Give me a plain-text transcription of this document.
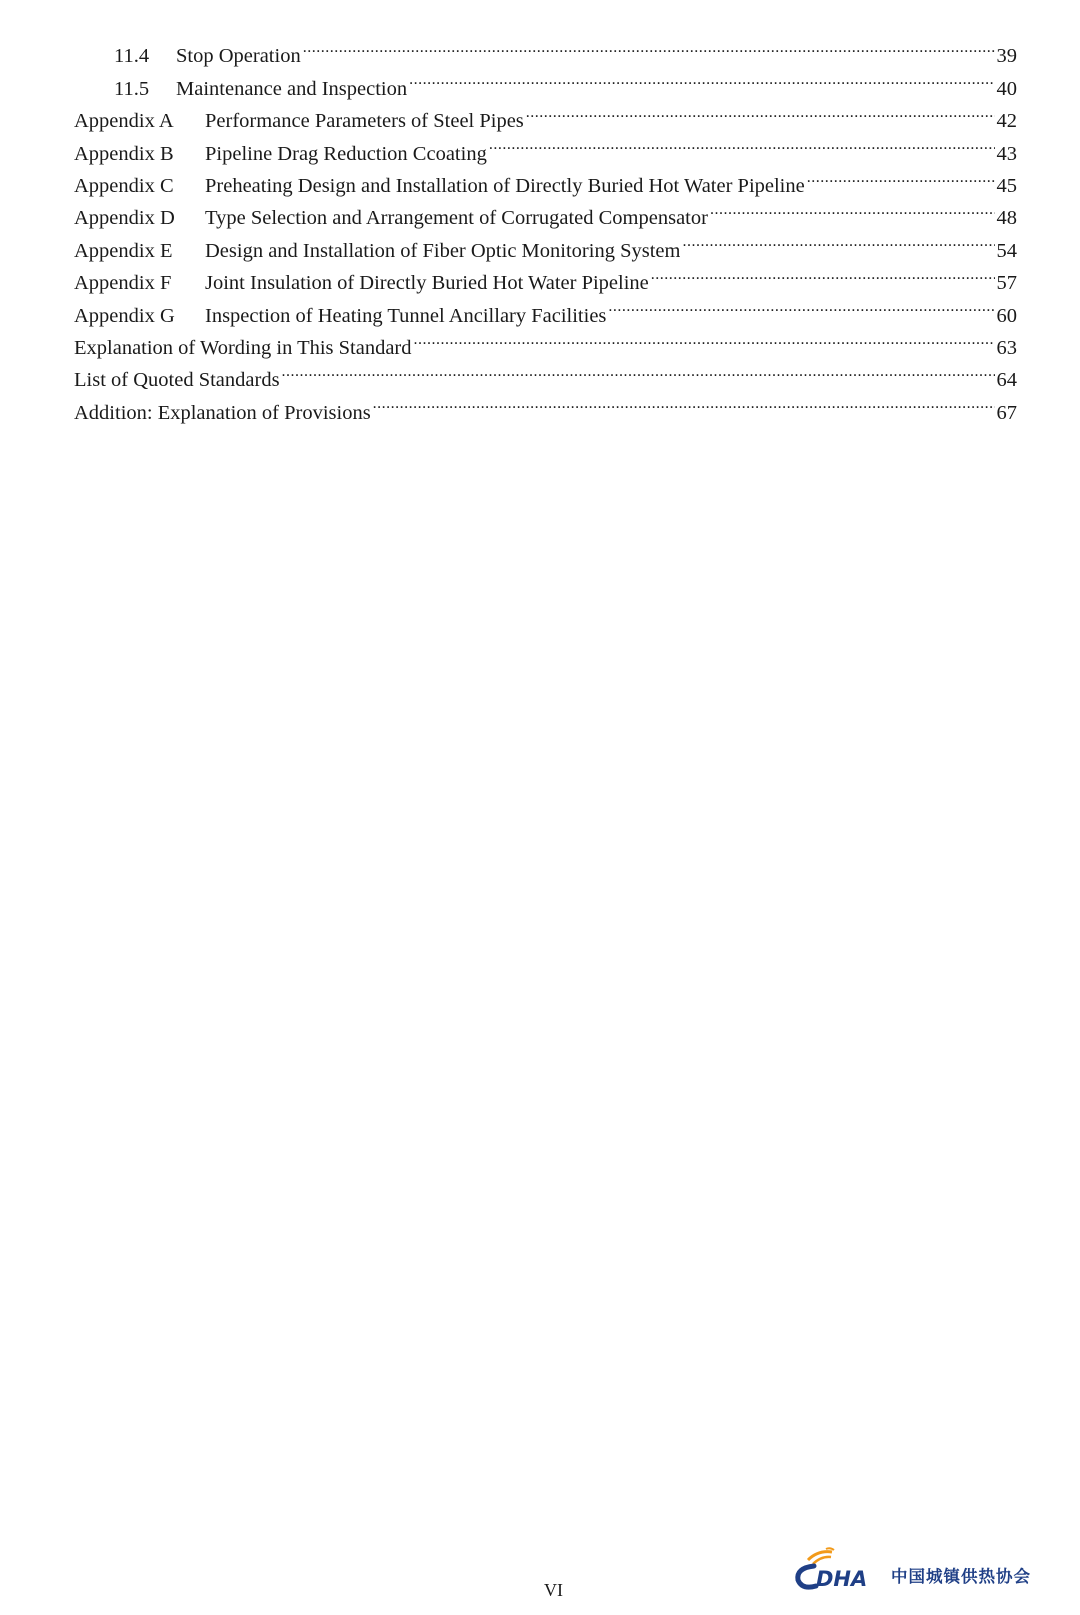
11.4	Stop Operation .....	39
11.5	Maintenance and Inspection .....	40
Appendix A	Performance Parameters of Steel Pipes .....	42
Appendix B	Pipeline Drag Reduction Ccoating .....	43
Appendix C	Preheating Design and Installation of Directly Buried Hot Water Pipeline .....	45
Appendix D	Type Selection and Arrangement of Corrugated Compensator .....	48
Appendix E	Design and Installation of Fiber Optic Monitoring System .....	54
Appendix F	Joint Insulation of Directly Buried Hot Water Pipeline .....	57
Appendix G	Inspection of Heating Tunnel Ancillary Facilities .....	60
Explanation of Wording in This Standard .....	63
List of Quoted Standards .....	64
Addition: Explanation of Provisions .....	67
VI	DHA 中国城镇供热协会
